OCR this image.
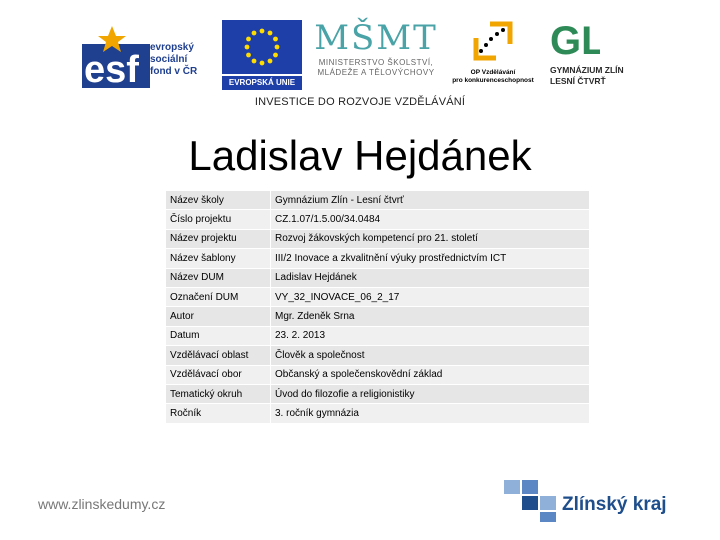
esf
evropský
sociální
fond v ČR
EVROPSKÁ UNIE
MŠMT
MINISTERSTVO ŠKOLSTVÍ,
MLÁDEŽE A TĚLOVÝCHOVY	OP Vzdělávání
pro konkurenceschopnost
GL
GYMNÁZIUM ZLÍN
LESNÍ ČTVRŤ
INVESTICE DO ROZVOJE VZDĚLÁVÁNÍ
Ladislav Hejdánek
Název školy	Gymnázium Zlín - Lesní čtvrť
Číslo projektu	CZ.1.07/1.5.00/34.0484
Název projektu	Rozvoj žákovských kompetencí pro 21. století
Název šablony	III/2 Inovace a zkvalitnění výuky prostřednictvím ICT
Název DUM	Ladislav Hejdánek
Označení DUM	VY_32_INOVACE_06_2_17
Autor	Mgr. Zdeněk Srna
Datum	23. 2. 2013
Vzdělávací oblast	Člověk a společnost
Vzdělávací obor	Občanský a společenskovědní základ
Tematický okruh	Úvod do filozofie a religionistiky
Ročník	3. ročník gymnázia
www.zlinskedumy.cz	Zlínský kraj
